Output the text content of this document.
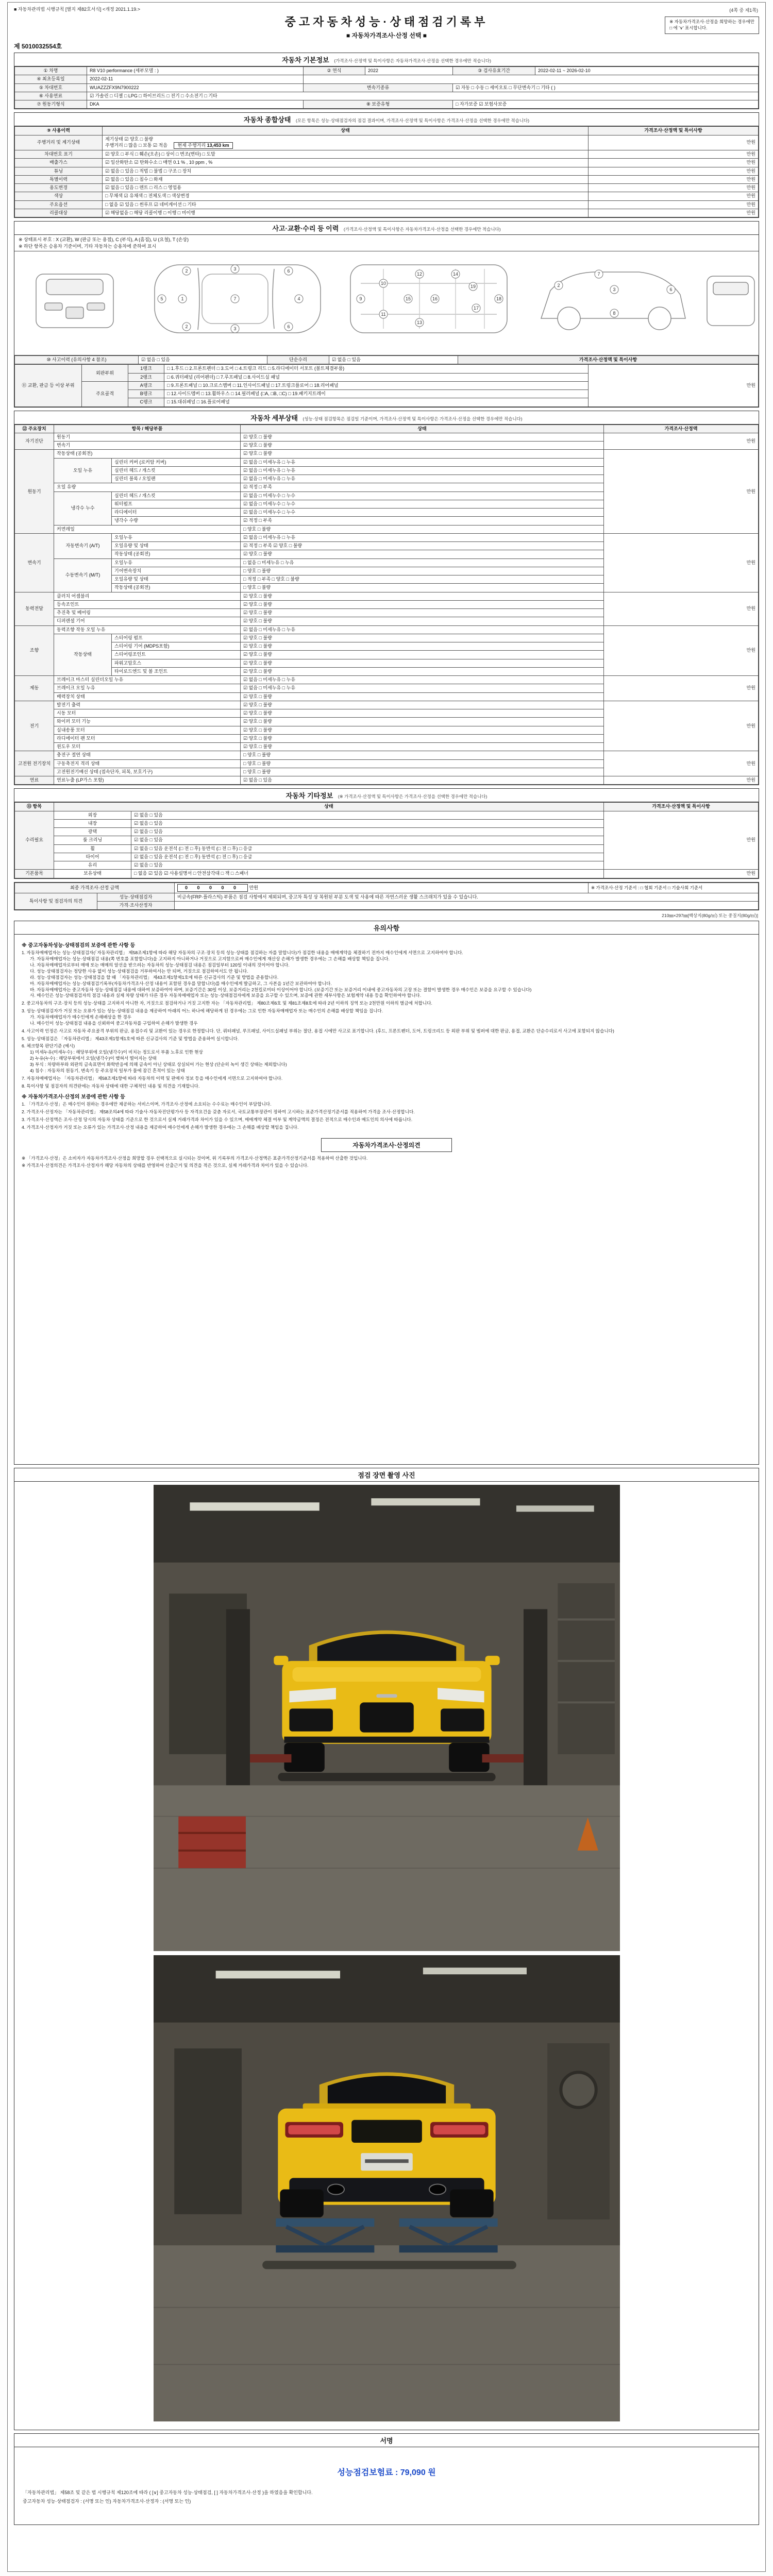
■ 자동차관리법 시행규칙 [별지 제82호서식] <개정 2021.1.19.>	(4쪽 중 제1쪽)
중고자동차성능·상태점검기록부
■ 자동차가격조사·산정 선택 ■
※ 자동차가격조사·산정을 희망하는 경우에만
□ 에 '∨' 표시합니다.
제 5010032554호
자동차 기본정보 (가격조사·산정액 및 특이사항은 자동차가격조사·산정을 선택한 경우에만 적습니다)
① 차명	R8 V10 performance (세부모델 : )	② 연식	2022	③ 검사유효기간	2022-02-11 ~ 2026-02-10
④ 최초등록일	2022-02-11				
⑤ 차대번호	WUAZZZFX9N7900222	변속기종류		☑ 자동 □ 수동 □ 세미오토 □ 무단변속기 □ 기타 ( )	
⑥ 사용연료	☑ 가솔린 □ 디젤 □ LPG □ 하이브리드 □ 전기 □ 수소전기 □ 기타				
⑦ 원동기형식	DKA	⑧ 보증유형		□ 자가보증 ☑ 보험사보증	
자동차 종합상태 (모든 항목은 성능·상태점검자의 점검 결과이며, 가격조사·산정액 및 특이사항은 가격조사·산정을 선택한 경우에만 적습니다)
⑨ 사용이력	상태	가격조사·산정액 및 특이사항
주행거리 및 계기상태	계기상태 ☑ 양호 □ 불량
주행거리 □ 많음 □ 보통 ☑ 적음 현재 주행거리 13,453 km	만원
차대번호 표기	☑ 양호 □ 부식 □ 훼손(오손) □ 상이 □ 변조(변타) □ 도말	만원
배출가스	☑ 일산화탄소 ☑ 탄화수소 □ 매연 0.1 % , 10 ppm , %	만원
튜닝	☑ 없음 □ 있음 □ 적법 □ 불법 □ 구조 □ 장치	만원
특별이력	☑ 없음 □ 있음 □ 침수 □ 화재	만원
용도변경	☑ 없음 □ 있음 □ 렌트 □ 리스 □ 영업용	만원
색상	□ 무채색 ☑ 유채색 □ 전체도색 □ 색상변경	만원
주요옵션	□ 없음 ☑ 있음 □ 썬루프 ☑ 네비게이션 □ 기타	만원
리콜대상	☑ 해당없음 □ 해당 리콜이행 □ 이행 □ 미이행	만원
사고·교환·수리 등 이력 (가격조사·산정액 및 특이사항은 자동차가격조사·산정을 선택한 경우에만 적습니다)
※ 상태표시 부호 : X (교환), W (판금 또는 용접), C (부식), A (흠집), U (요철), T (손상)
※ 하단 항목은 승용차 기준이며, 기타 자동차는 승용차에 준하여 표시
1
2
2
3
3
7	4
6
6
5	9
10
11
15
12
16
13
14
19
17
18
2
3
8
6
7
⑩ 사고이력 (유의사항 4 참조)	☑ 없음 □ 있음	단순수리	☑ 없음 □ 있음	가격조사·산정액 및 특이사항
⑪ 교환, 판금 등 이상 부위	외판부위	1랭크	□ 1.후드 □ 2.프론트펜더 □ 3.도어 □ 4.트렁크 리드 □ 5.라디에이터 서포트 (볼트체결부품)	만원
		2랭크	□ 6.쿼터패널 (리어펜더) □ 7.루프패널 □ 8.사이드실 패널	
	주요골격	A랭크	□ 9.프론트패널 □ 10.크로스멤버 □ 11.인사이드패널 □ 17.트렁크플로어 □ 18.리어패널	
		B랭크	□ 12.사이드멤버 □ 13.휠하우스 □ 14.필러패널 (□A, □B, □C) □ 19.패키지트레이	
		C랭크	□ 15.대쉬패널 □ 16.플로어패널	
자동차 세부상태 (성능·상태 점검항목은 점검일 기준이며, 가격조사·산정액 및 특이사항은 가격조사·산정을 선택한 경우에만 적습니다)
⑫ 주요장치	항목 / 해당부품		상태	가격조사·산정액
자기진단	원동기		☑ 양호 □ 불량	만원
	변속기		☑ 양호 □ 불량	
원동기	작동상태 (공회전)		☑ 양호 □ 불량	만원
	오일 누유	실린더 커버 (로커암 커버)	☑ 없음 □ 미세누유 □ 누유	
		실린더 헤드 / 개스킷	☑ 없음 □ 미세누유 □ 누유	
		실린더 블록 / 오일팬	☑ 없음 □ 미세누유 □ 누유	
	오일 유량		☑ 적정 □ 부족	
	냉각수 누수	실린더 헤드 / 개스킷	☑ 없음 □ 미세누수 □ 누수	
		워터펌프	☑ 없음 □ 미세누수 □ 누수	
		라디에이터	☑ 없음 □ 미세누수 □ 누수	
		냉각수 수량	☑ 적정 □ 부족	
	커먼레일		□ 양호 □ 불량	
변속기	자동변속기 (A/T)	오일누유	☑ 없음 □ 미세누유 □ 누유	만원
		오일유량 및 상태	☑ 적정 □ 부족 ☑ 양호 □ 불량	
		작동상태 (공회전)	☑ 양호 □ 불량	
	수동변속기 (M/T)	오일누유	□ 없음 □ 미세누유 □ 누유	
		기어변속장치	□ 양호 □ 불량	
		오일유량 및 상태	□ 적정 □ 부족 □ 양호 □ 불량	
		작동상태 (공회전)	□ 양호 □ 불량	
동력전달	클러치 어셈블리		☑ 양호 □ 불량	만원
	등속조인트		☑ 양호 □ 불량	
	추진축 및 베어링		☑ 양호 □ 불량	
	디퍼렌셜 기어		☑ 양호 □ 불량	
조향	동력조향 작동 오일 누유		☑ 없음 □ 미세누유 □ 누유	만원
	작동상태	스티어링 펌프	☑ 양호 □ 불량	
		스티어링 기어 (MDPS포함)	☑ 양호 □ 불량	
		스티어링조인트	☑ 양호 □ 불량	
		파워고압호스	☑ 양호 □ 불량	
		타이로드엔드 및 볼 조인트	☑ 양호 □ 불량	
제동	브레이크 마스터 실린더오일 누유		☑ 없음 □ 미세누유 □ 누유	만원
	브레이크 오일 누유		☑ 없음 □ 미세누유 □ 누유	
	배력장치 상태		☑ 양호 □ 불량	
전기	발전기 출력		☑ 양호 □ 불량	만원
	시동 모터		☑ 양호 □ 불량	
	와이퍼 모터 기능		☑ 양호 □ 불량	
	실내송풍 모터		☑ 양호 □ 불량	
	라디에이터 팬 모터		☑ 양호 □ 불량	
	윈도우 모터		☑ 양호 □ 불량	
고전원 전기장치	충전구 절연 상태		□ 양호 □ 불량	만원
	구동축전지 격리 상태		□ 양호 □ 불량	
	고전원전기배선 상태 (접속단자, 피복, 보호기구)		□ 양호 □ 불량	
연료	연료누출 (LP가스 포함)		☑ 없음 □ 있음	만원
자동차 기타정보 (※ 가격조사·산정액 및 특이사항은 가격조사·산정을 선택한 경우에만 적습니다)
⑬ 항목	상태		가격조사·산정액 및 특이사항
수리필요	외장	☑ 없음 □ 있음	만원
	내장	☑ 없음 □ 있음	
	광택	☑ 없음 □ 있음	
	룸 크리닝	☑ 없음 □ 있음	
	휠	☑ 없음 □ 있음 운전석 (□ 전 □ 후) 동반석 (□ 전 □ 후) □ 응급	
	타이어	☑ 없음 □ 있음 운전석 (□ 전 □ 후) 동반석 (□ 전 □ 후) □ 응급	
	유리	☑ 없음 □ 있음	
기본품목	보유상태	□ 없음 ☑ 있음 ☑ 사용설명서 □ 안전삼각대 □ 잭 □ 스패너	만원
최종 가격조사·산정 금액		0 0 0 0 0 만원	※ 가격조사·산정 기준서 : □ 협회 기준서 □ 기술사회 기준서
특이사항 및 점검자의 의견	성능·상태점검자	비금속(FRP·플라스틱) 부품은 점검 사항에서 제외되며, 중고차 특성 상 복원된 부분 도색 및 사용에 따른 자연스러운 생활 스크래치가 있을 수 있습니다.	
	가격·조사산정자		
210㎜×297㎜[백상지(80g/㎡) 또는 중질지(80g/㎡)]
유의사항
※ 중고자동차성능·상태점검의 보증에 관한 사항 등
1. 자동차매매업자는 성능·상태점검자(「자동차관리법」 제58조제1항에 따라 해당 자동차의 구조·장치 등의 성능·상태를 점검하는 자를 말합니다)가 점검한 내용을 매매계약을 체결하기 전까지 매수인에게 서면으로 고지하여야 합니다.
가. 자동차매매업자는 성능·상태점검 내용(쪽 번호를 포함합니다)을 고지하지 아니하거나 거짓으로 고지함으로써 매수인에게 재산상 손해가 발생한 경우에는 그 손해를 배상할 책임을 집니다.
나. 자동차매매업자로부터 매매 또는 매매의 알선을 받으려는 자동차의 성능·상태점검 내용은 점검일부터 120일 이내의 것이어야 합니다.
다. 성능·상태점검자는 정당한 사유 없이 성능·상태점검을 거부하여서는 안 되며, 거짓으로 점검하여서도 안 됩니다.
라. 성능·상태점검자는 성능·상태점검을 할 때 「자동차관리법」 제43조제1항제1호에 따른 신규검사의 기준 및 방법을 준용합니다.
마. 자동차매매업자는 성능·상태점검기록부(자동차가격조사·산정 내용이 포함된 경우를 말합니다)를 매수인에게 발급하고, 그 사본을 1년간 보관하여야 합니다.
바. 자동차매매업자는 중고자동차 성능·상태점검 내용에 대하여 보증하여야 하며, 보증기간은 30일 이상, 보증거리는 2천킬로미터 이상이어야 합니다. (보증기간 또는 보증거리 이내에 중고자동차의 고장 또는 결함이 발생한 경우 매수인은 보증을 요구할 수 있습니다)
사. 매수인은 성능·상태점검자의 점검 내용과 실제 차량 상태가 다른 경우 자동차매매업자 또는 성능·상태점검자에게 보증을 요구할 수 있으며, 보증에 관한 세부사항은 보험계약 내용 등을 확인하여야 합니다.
2. 중고자동차의 구조·장치 등의 성능·상태를 고지하지 아니한 자, 거짓으로 점검하거나 거짓 고지한 자는 「자동차관리법」 제80조제6호 및 제81조제8호에 따라 2년 이하의 징역 또는 2천만원 이하의 벌금에 처합니다.
3. 성능·상태점검자가 거짓 또는 오류가 있는 성능·상태점검 내용을 제공하여 아래의 어느 하나에 해당하게 된 경우에는 그로 인한 자동차매매업자 또는 매수인의 손해를 배상할 책임을 집니다.
가. 자동차매매업자가 매수인에게 손해배상을 한 경우
나. 매수인이 성능·상태점검 내용을 신뢰하여 중고자동차를 구입하여 손해가 발생한 경우
4. 사고이력 인정은 사고로 자동차 주요골격 부위의 판금, 용접수리 및 교환이 있는 경우로 한정합니다. 단, 쿼터패널, 루프패널, 사이드실패널 부위는 절단, 용접 시에만 사고로 표기합니다. (후드, 프론트펜더, 도어, 트렁크리드 등 외판 부위 및 범퍼에 대한 판금, 용접, 교환은 단순수리로서 사고에 포함되지 않습니다)
5. 성능·상태점검은 「자동차관리법」 제43조제1항제1호에 따른 신규검사의 기준 및 방법을 준용하여 실시합니다.
6. 체크항목 판단기준 (예시)
1) 미세누유(미세누수) : 해당부위에 오일(냉각수)이 비치는 정도로서 부품 노후로 인한 현상
2) 누유(누수) : 해당부위에서 오일(냉각수)이 맺혀서 떨어지는 상태
3) 부식 : 차량하부와 외판의 금속표면이 화학반응에 의해 금속이 아닌 상태로 상실되어 가는 현상 (단순히 녹이 생긴 상태는 제외합니다)
4) 침수 : 자동차의 원동기, 변속기 등 주요장치 일부가 물에 잠긴 흔적이 있는 상태
7. 자동차매매업자는 「자동차관리법」 제58조제1항에 따라 자동차의 이력 및 판매자 정보 등을 매수인에게 서면으로 고지하여야 합니다.
8. 특이사항 및 점검자의 의견란에는 자동차 상태에 대한 구체적인 내용 및 의견을 기재합니다.
※ 자동차가격조사·산정의 보증에 관한 사항 등
1. 「가격조사·산정」은 매수인이 원하는 경우에만 제공하는 서비스이며, 가격조사·산정에 소요되는 수수료는 매수인이 부담합니다.
2. 가격조사·산정자는 「자동차관리법」 제58조의4에 따라 기술사·자동차진단평가사 등 자격요건을 갖춘 자로서, 국토교통부장관이 정하여 고시하는 표준가격산정기준서를 적용하여 가격을 조사·산정합니다.
3. 가격조사·산정액은 조사·산정 당시의 자동차 상태를 기준으로 한 것으로서 실제 거래가격과 차이가 있을 수 있으며, 매매계약 체결 여부 및 계약금액의 결정은 전적으로 매수인과 매도인의 의사에 따릅니다.
4. 가격조사·산정자가 거짓 또는 오류가 있는 가격조사·산정 내용을 제공하여 매수인에게 손해가 발생한 경우에는 그 손해를 배상할 책임을 집니다.
자동차가격조사·산정의견
※ 「가격조사·산정」은 소비자가 자동차가격조사·산정을 희망할 경우 선택적으로 실시되는 것이며, 위 기록부의 가격조사·산정액은 표준가격산정기준서를 적용하여 산출한 것입니다.
※ 가격조사·산정의견은 가격조사·산정자가 해당 자동차의 상태를 반영하여 산출근거 및 의견을 적은 것으로, 실제 거래가격과 차이가 있을 수 있습니다.
점검 장면 촬영 사진
서명
성능점검보험료 : 79,090 원
「자동차관리법」 제58조 및 같은 법 시행규칙 제120조에 따라 ( [∨] 중고자동차 성능·상태점검, [ ] 자동차가격조사·산정 )을 하였음을 확인합니다.
중고자동차 성능·상태점검자 : (서명 또는 인) 자동차가격조사·산정자 : (서명 또는 인)
